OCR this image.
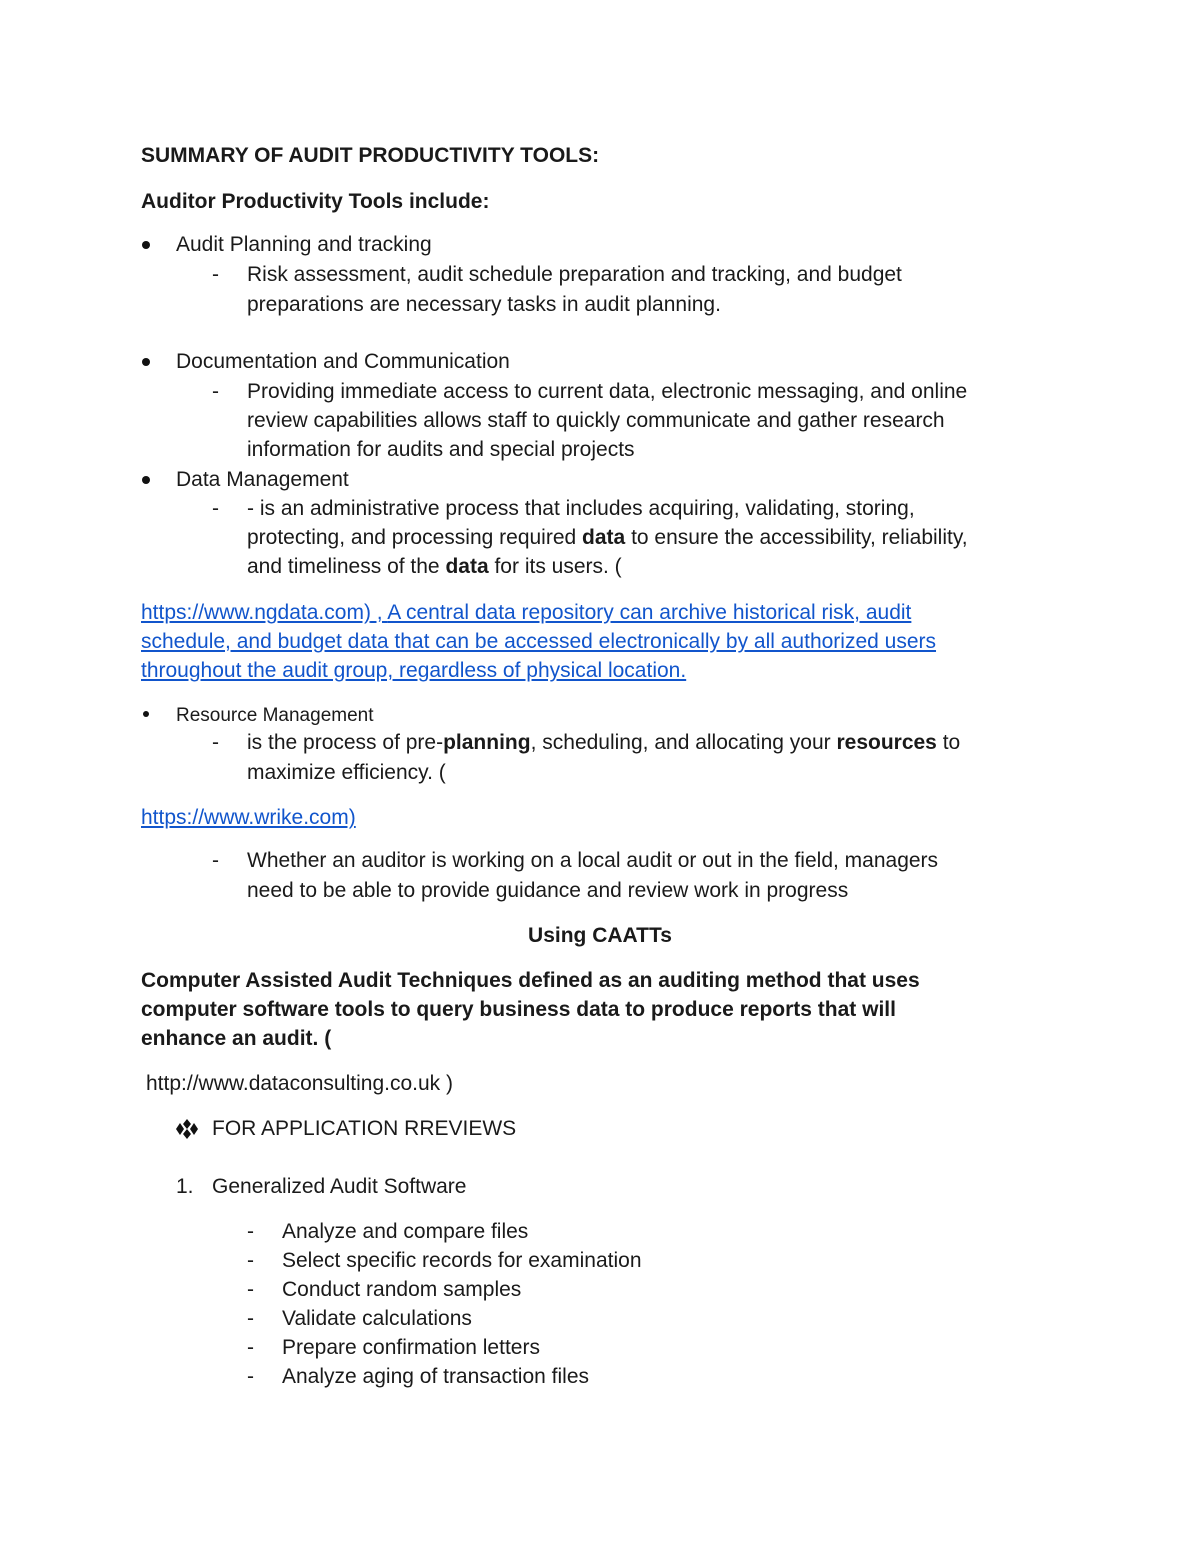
SUMMARY OF AUDIT PRODUCTIVITY TOOLS:
Auditor Productivity Tools include:
Audit Planning and tracking
- Risk assessment, audit schedule preparation and tracking, and budget
preparations are necessary tasks in audit planning.
Documentation and Communication
- Providing immediate access to current data, electronic messaging, and online
review capabilities allows staff to quickly communicate and gather research
information for audits and special projects
Data Management
- - is an administrative process that includes acquiring, validating, storing,
protecting, and processing required data to ensure the accessibility, reliability,
and timeliness of the data for its users. (
https://www.ngdata.com) , A central data repository can archive historical risk, audit
schedule, and budget data that can be accessed electronically by all authorized users
throughout the audit group, regardless of physical location.
Resource Management
- is the process of pre-planning, scheduling, and allocating your resources to
maximize efficiency. (
https://www.wrike.com)
- Whether an auditor is working on a local audit or out in the field, managers
need to be able to provide guidance and review work in progress
Using CAATTs
Computer Assisted Audit Techniques defined as an auditing method that uses
computer software tools to query business data to produce reports that will
enhance an audit. (
http://www.dataconsulting.co.uk )
FOR APPLICATION RREVIEWS
1. Generalized Audit Software
- Analyze and compare files
- Select specific records for examination
- Conduct random samples
- Validate calculations
- Prepare confirmation letters
- Analyze aging of transaction files
